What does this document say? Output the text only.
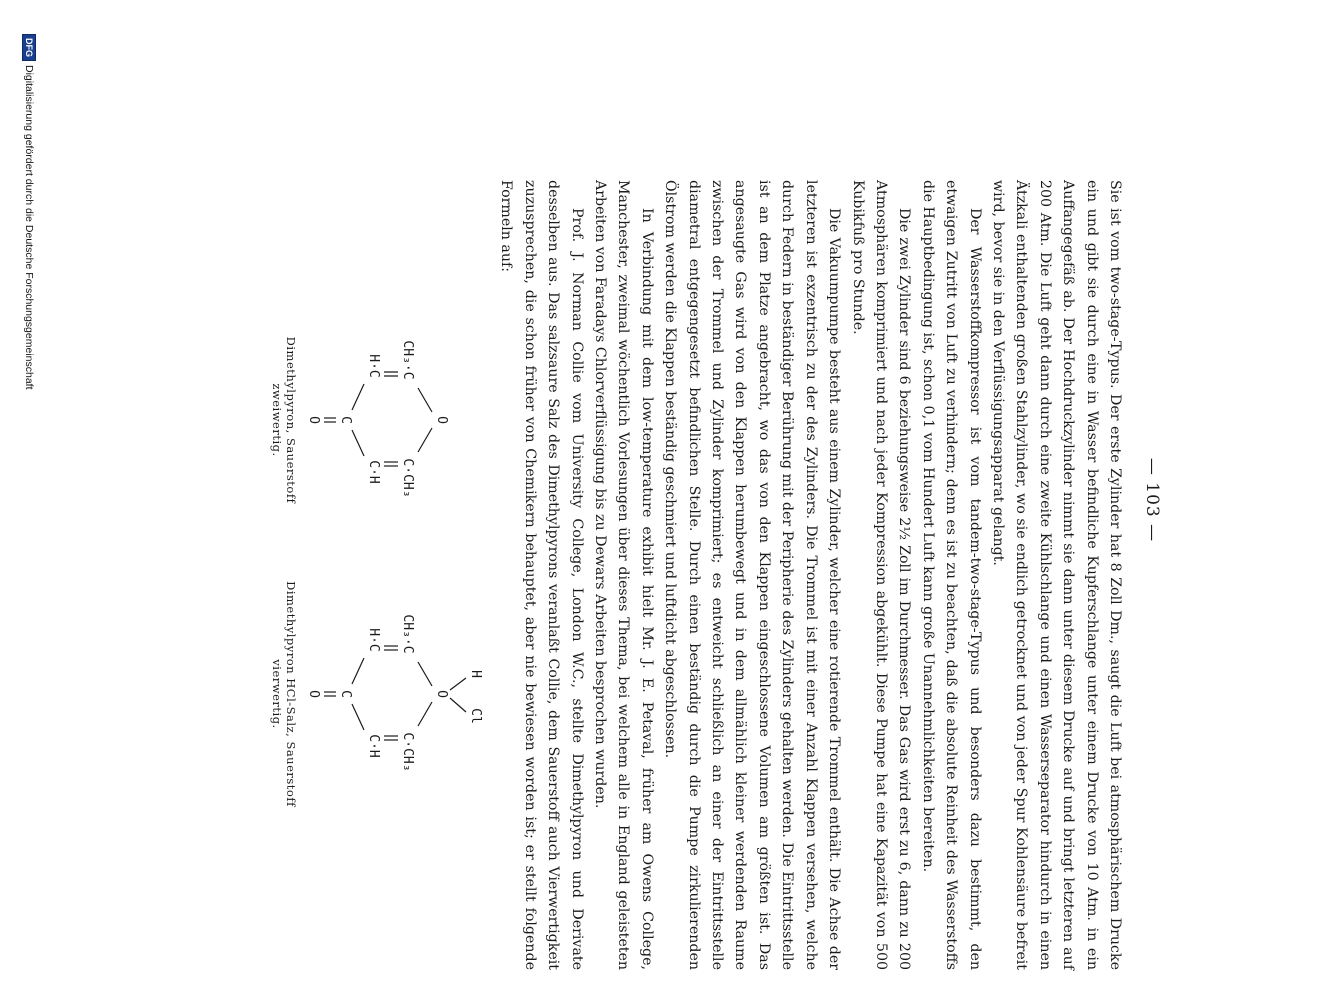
— 103 —

Sie ist vom two-stage-Typus. Der erste Zylinder hat 8 Zoll Dm., saugt die Luft bei atmosphärischem Drucke ein und gibt sie durch eine in Wasser befindliche Kupferschlange unter einem Drucke von 10 Atm. in ein Auffangegefäß ab. Der Hochdruckzylinder nimmt sie dann unter diesem Drucke auf und bringt letzteren auf 200 Atm. Die Luft geht dann durch eine zweite Kühlschlange und einen Wasserseparator hindurch in einen Ätzkali enthaltenden großen Stahlzylinder, wo sie endlich getrocknet und von jeder Spur Kohlensäure befreit wird, bevor sie in den Verflüssigungsapparat gelangt.

Der Wasserstoffkompressor ist vom tandem-two-stage-Typus und besonders dazu bestimmt, den etwaigen Zutritt von Luft zu verhindern; denn es ist zu beachten, daß die absolute Reinheit des Wasserstoffs die Hauptbedingung ist, schon 0,1 vom Hundert Luft kann große Unannehmlichkeiten bereiten.

Die zwei Zylinder sind 6 beziehungsweise 2½ Zoll im Durchmesser. Das Gas wird erst zu 6, dann zu 200 Atmosphären komprimiert und nach jeder Kompression abgekühlt. Diese Pumpe hat eine Kapazität von 500 Kubikfuß pro Stunde.

Die Vakuumpumpe besteht aus einem Zylinder, welcher eine rotierende Trommel enthält. Die Achse der letzteren ist exzentrisch zu der des Zylinders. Die Trommel ist mit einer Anzahl Klappen versehen, welche durch Federn in beständiger Berührung mit der Peripherie des Zylinders gehalten werden. Die Eintrittsstelle ist an dem Platze angebracht, wo das von den Klappen eingeschlossene Volumen am größten ist. Das angesaugte Gas wird von den Klappen herumbewegt und in dem allmählich kleiner werdenden Raume zwischen der Trommel und Zylinder komprimiert; es entweicht schließlich an einer der Eintrittsstelle diametral entgegengesetzt befindlichen Stelle. Durch einen beständig durch die Pumpe zirkulierenden Ölstrom werden die Klappen beständig geschmiert und luftdicht abgeschlossen.

In Verbindung mit dem low-temperature exhibit hielt Mr. J. E. Petaval, früher am Owens College, Manchester, zweimal wöchentlich Vorlesungen über dieses Thema, bei welchem alle in England geleisteten Arbeiten von Faradays Chlorverflüssigung bis zu Dewars Arbeiten besprochen wurden.

Prof. J. Norman Collie vom University College, London W.C., stellte Dimethylpyron und Derivate desselben aus. Das salzsaure Salz des Dimethylpyrons veranlaßt Collie, dem Sauerstoff auch Vierwertigkeit zuzusprechen, die schon früher von Chemikern behauptet, aber nie bewiesen worden ist; er stellt folgende Formeln auf:

O
CH₃·C
C·CH₃
H·C
C·H
C
O
Dimethylpyron, Sauerstoff zweiwertig.
H
Cl
O
CH₃·C
C·CH₃
H·C
C·H
C
O
Dimethylpyron HCl-Salz, Sauerstoff vierwertig.
DFG
Digitalisierung gefördert durch die Deutsche Forschungsgemeinschaft
